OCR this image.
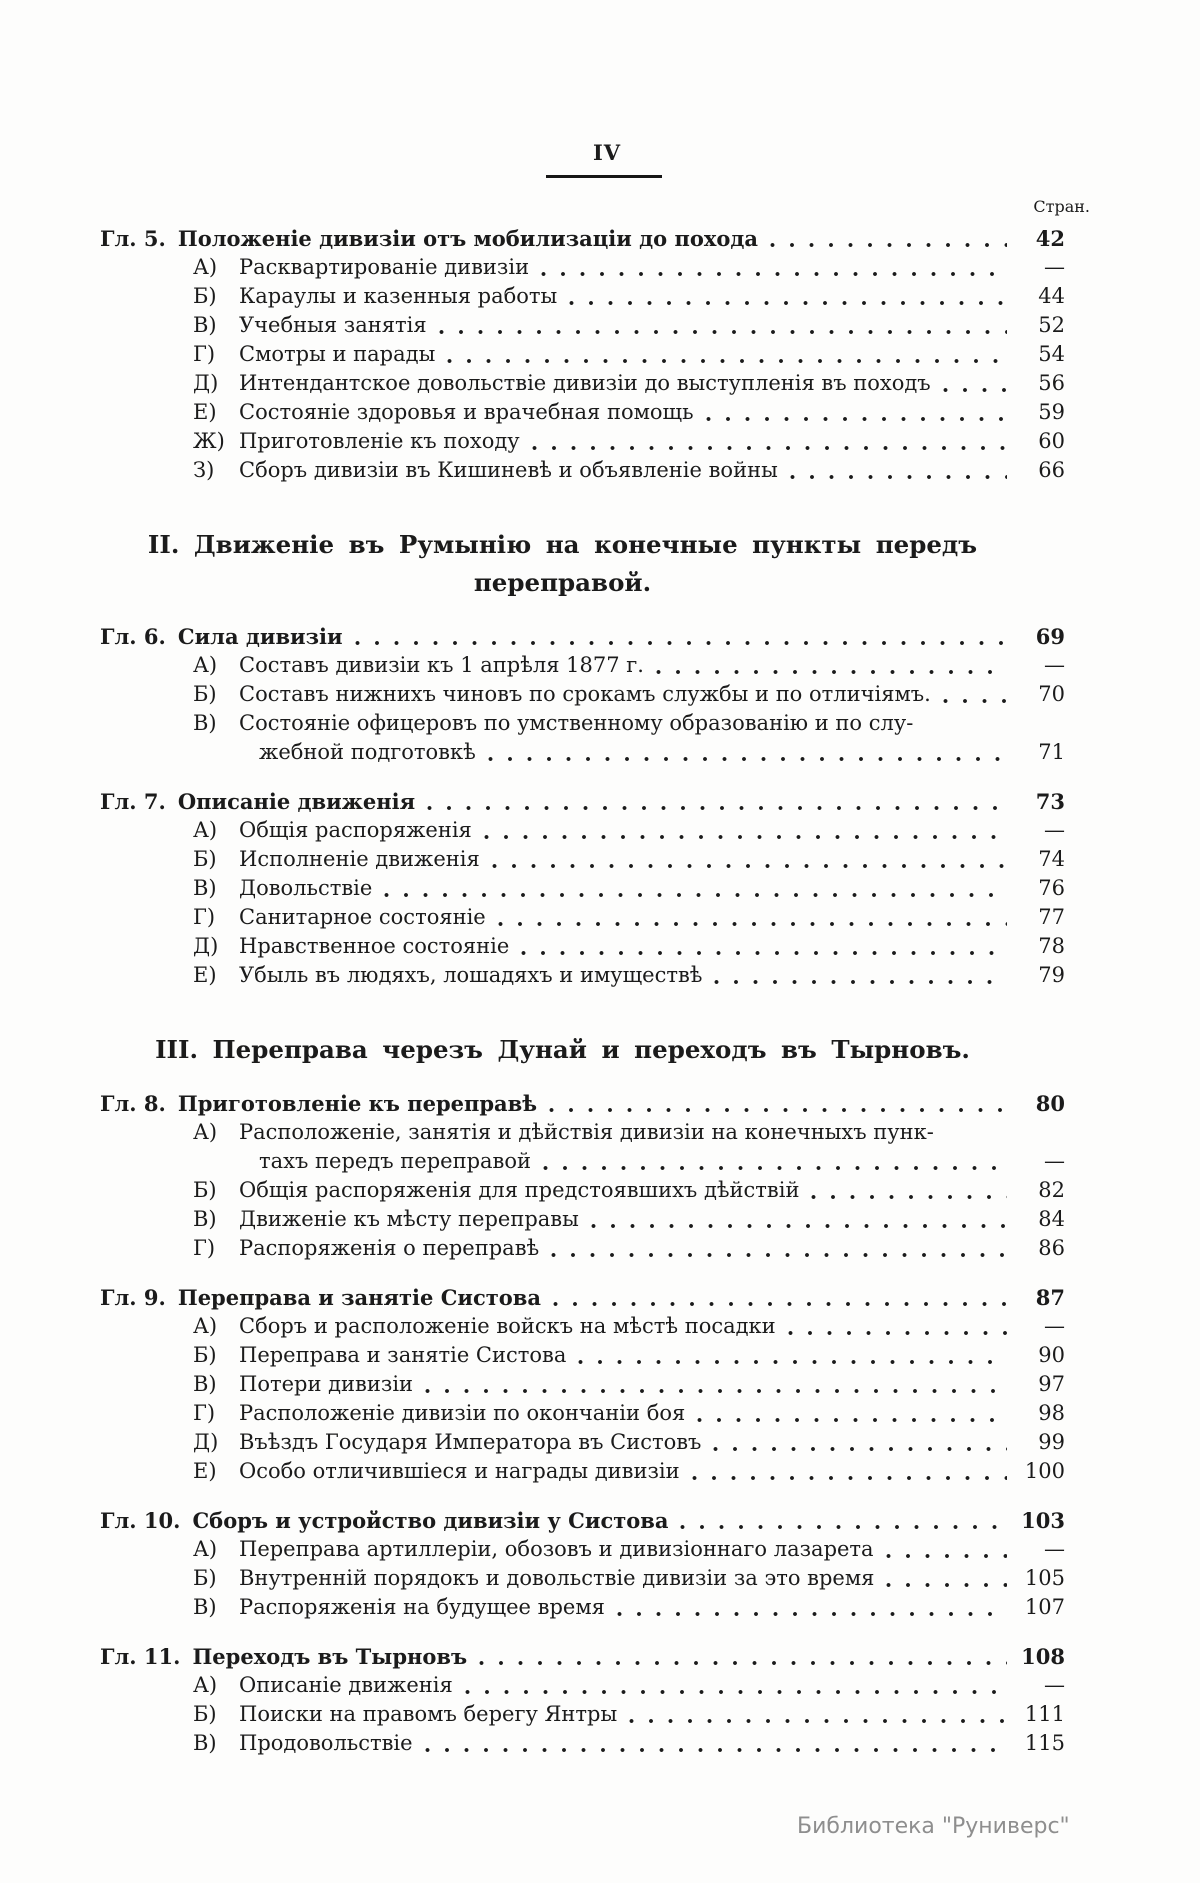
IV
Стран.
Гл. 5. Положеніе дивизіи отъ мобилизаціи до похода	42
А)	Расквартированіе дивизіи	—
Б)	Караулы и казенныя работы	44
В)	Учебныя занятія	52
Г)	Смотры и парады	54
Д) Интендантское довольствіе дивизіи до выступленія въ походъ	56
Е)	Состояніе здоровья и врачебная помощь	59
Ж) Приготовленіе къ походу	60
З)	Сборъ дивизіи въ Кишиневѣ и объявленіе войны	66
II. Движеніе въ Румынію на конечные пункты передъ
переправой.
Гл. 6. Сила дивизіи	69
А)	Составъ дивизіи къ 1 апрѣля 1877 г.	—
Б)	Составъ нижнихъ чиновъ по срокамъ службы и по отличіямъ.	70
В)	Состояніе офицеровъ по умственному образованію и по слу-
жебной подготовкѣ	71
Гл. 7. Описаніе движенія	73
А)	Общія распоряженія	—
Б)	Исполненіе движенія	74
В)	Довольствіе	76
Г)	Санитарное состояніе	77
Д) Нравственное состояніе	78
Е)	Убыль въ людяхъ, лошадяхъ и имуществѣ	79
III. Переправа черезъ Дунай и переходъ въ Тырновъ.
Гл. 8. Приготовленіе къ переправѣ	80
А)	Расположеніе, занятія и дѣйствія дивизіи на конечныхъ пунк-
тахъ передъ переправой	—
Б)	Общія распоряженія для предстоявшихъ дѣйствій	82
В)	Движеніе къ мѣсту переправы	84
Г)	Распоряженія о переправѣ	86
Гл. 9. Переправа и занятіе Систова	87
А)	Сборъ и расположеніе войскъ на мѣстѣ посадки	—
Б)	Переправа и занятіе Систова	90
В)	Потери дивизіи	97
Г)	Расположеніе дивизіи по окончаніи боя	98
Д) Въѣздъ Государя Императора въ Систовъ	99
Е)	Особо отличившіеся и награды дивизіи	100
Гл. 10. Сборъ и устройство дивизіи у Систова	103
А)	Переправа артиллеріи, обозовъ и дивизіоннаго лазарета	—
Б)	Внутренній порядокъ и довольствіе дивизіи за это время	105
В)	Распоряженія на будущее время	107
Гл. 11. Переходъ въ Тырновъ	108
А)	Описаніе движенія	—
Б)	Поиски на правомъ берегу Янтры	111
В)	Продовольствіе	115
Библиотека "Руниверс"
